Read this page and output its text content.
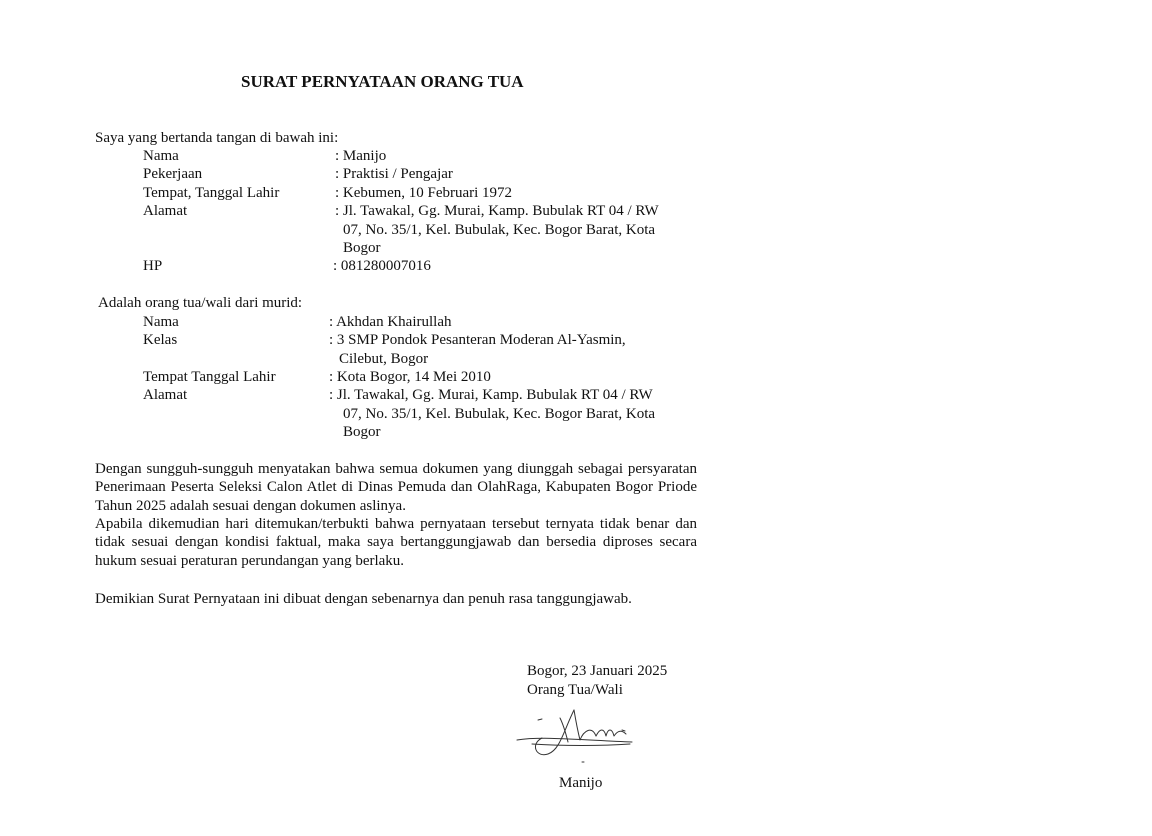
SURAT PERNYATAAN ORANG TUA
Saya yang bertanda tangan di bawah ini:
Nama	: Manijo
Pekerjaan	: Praktisi / Pengajar
Tempat, Tanggal Lahir	: Kebumen, 10 Februari 1972
Alamat	: Jl. Tawakal, Gg. Murai, Kamp. Bubulak RT 04 / RW
07, No. 35/1, Kel. Bubulak, Kec. Bogor Barat, Kota
Bogor
HP	: 081280007016
Adalah orang tua/wali dari murid:
Nama	: Akhdan Khairullah
Kelas	: 3 SMP Pondok Pesanteran Moderan Al-Yasmin,
Cilebut, Bogor
Tempat Tanggal Lahir	: Kota Bogor, 14 Mei 2010
Alamat	: Jl. Tawakal, Gg. Murai, Kamp. Bubulak RT 04 / RW
07, No. 35/1, Kel. Bubulak, Kec. Bogor Barat, Kota
Bogor
Dengan sungguh-sungguh menyatakan bahwa semua dokumen yang diunggah sebagai persyaratan Penerimaan Peserta Seleksi Calon Atlet di Dinas Pemuda dan OlahRaga, Kabupaten Bogor Priode Tahun 2025 adalah sesuai dengan dokumen aslinya.
Apabila dikemudian hari ditemukan/terbukti bahwa pernyataan tersebut ternyata tidak benar dan tidak sesuai dengan kondisi faktual, maka saya bertanggungjawab dan bersedia diproses secara hukum sesuai peraturan perundangan yang berlaku.
Demikian Surat Pernyataan ini dibuat dengan sebenarnya dan penuh rasa tanggungjawab.
Bogor, 23 Januari 2025
Orang Tua/Wali
Manijo
